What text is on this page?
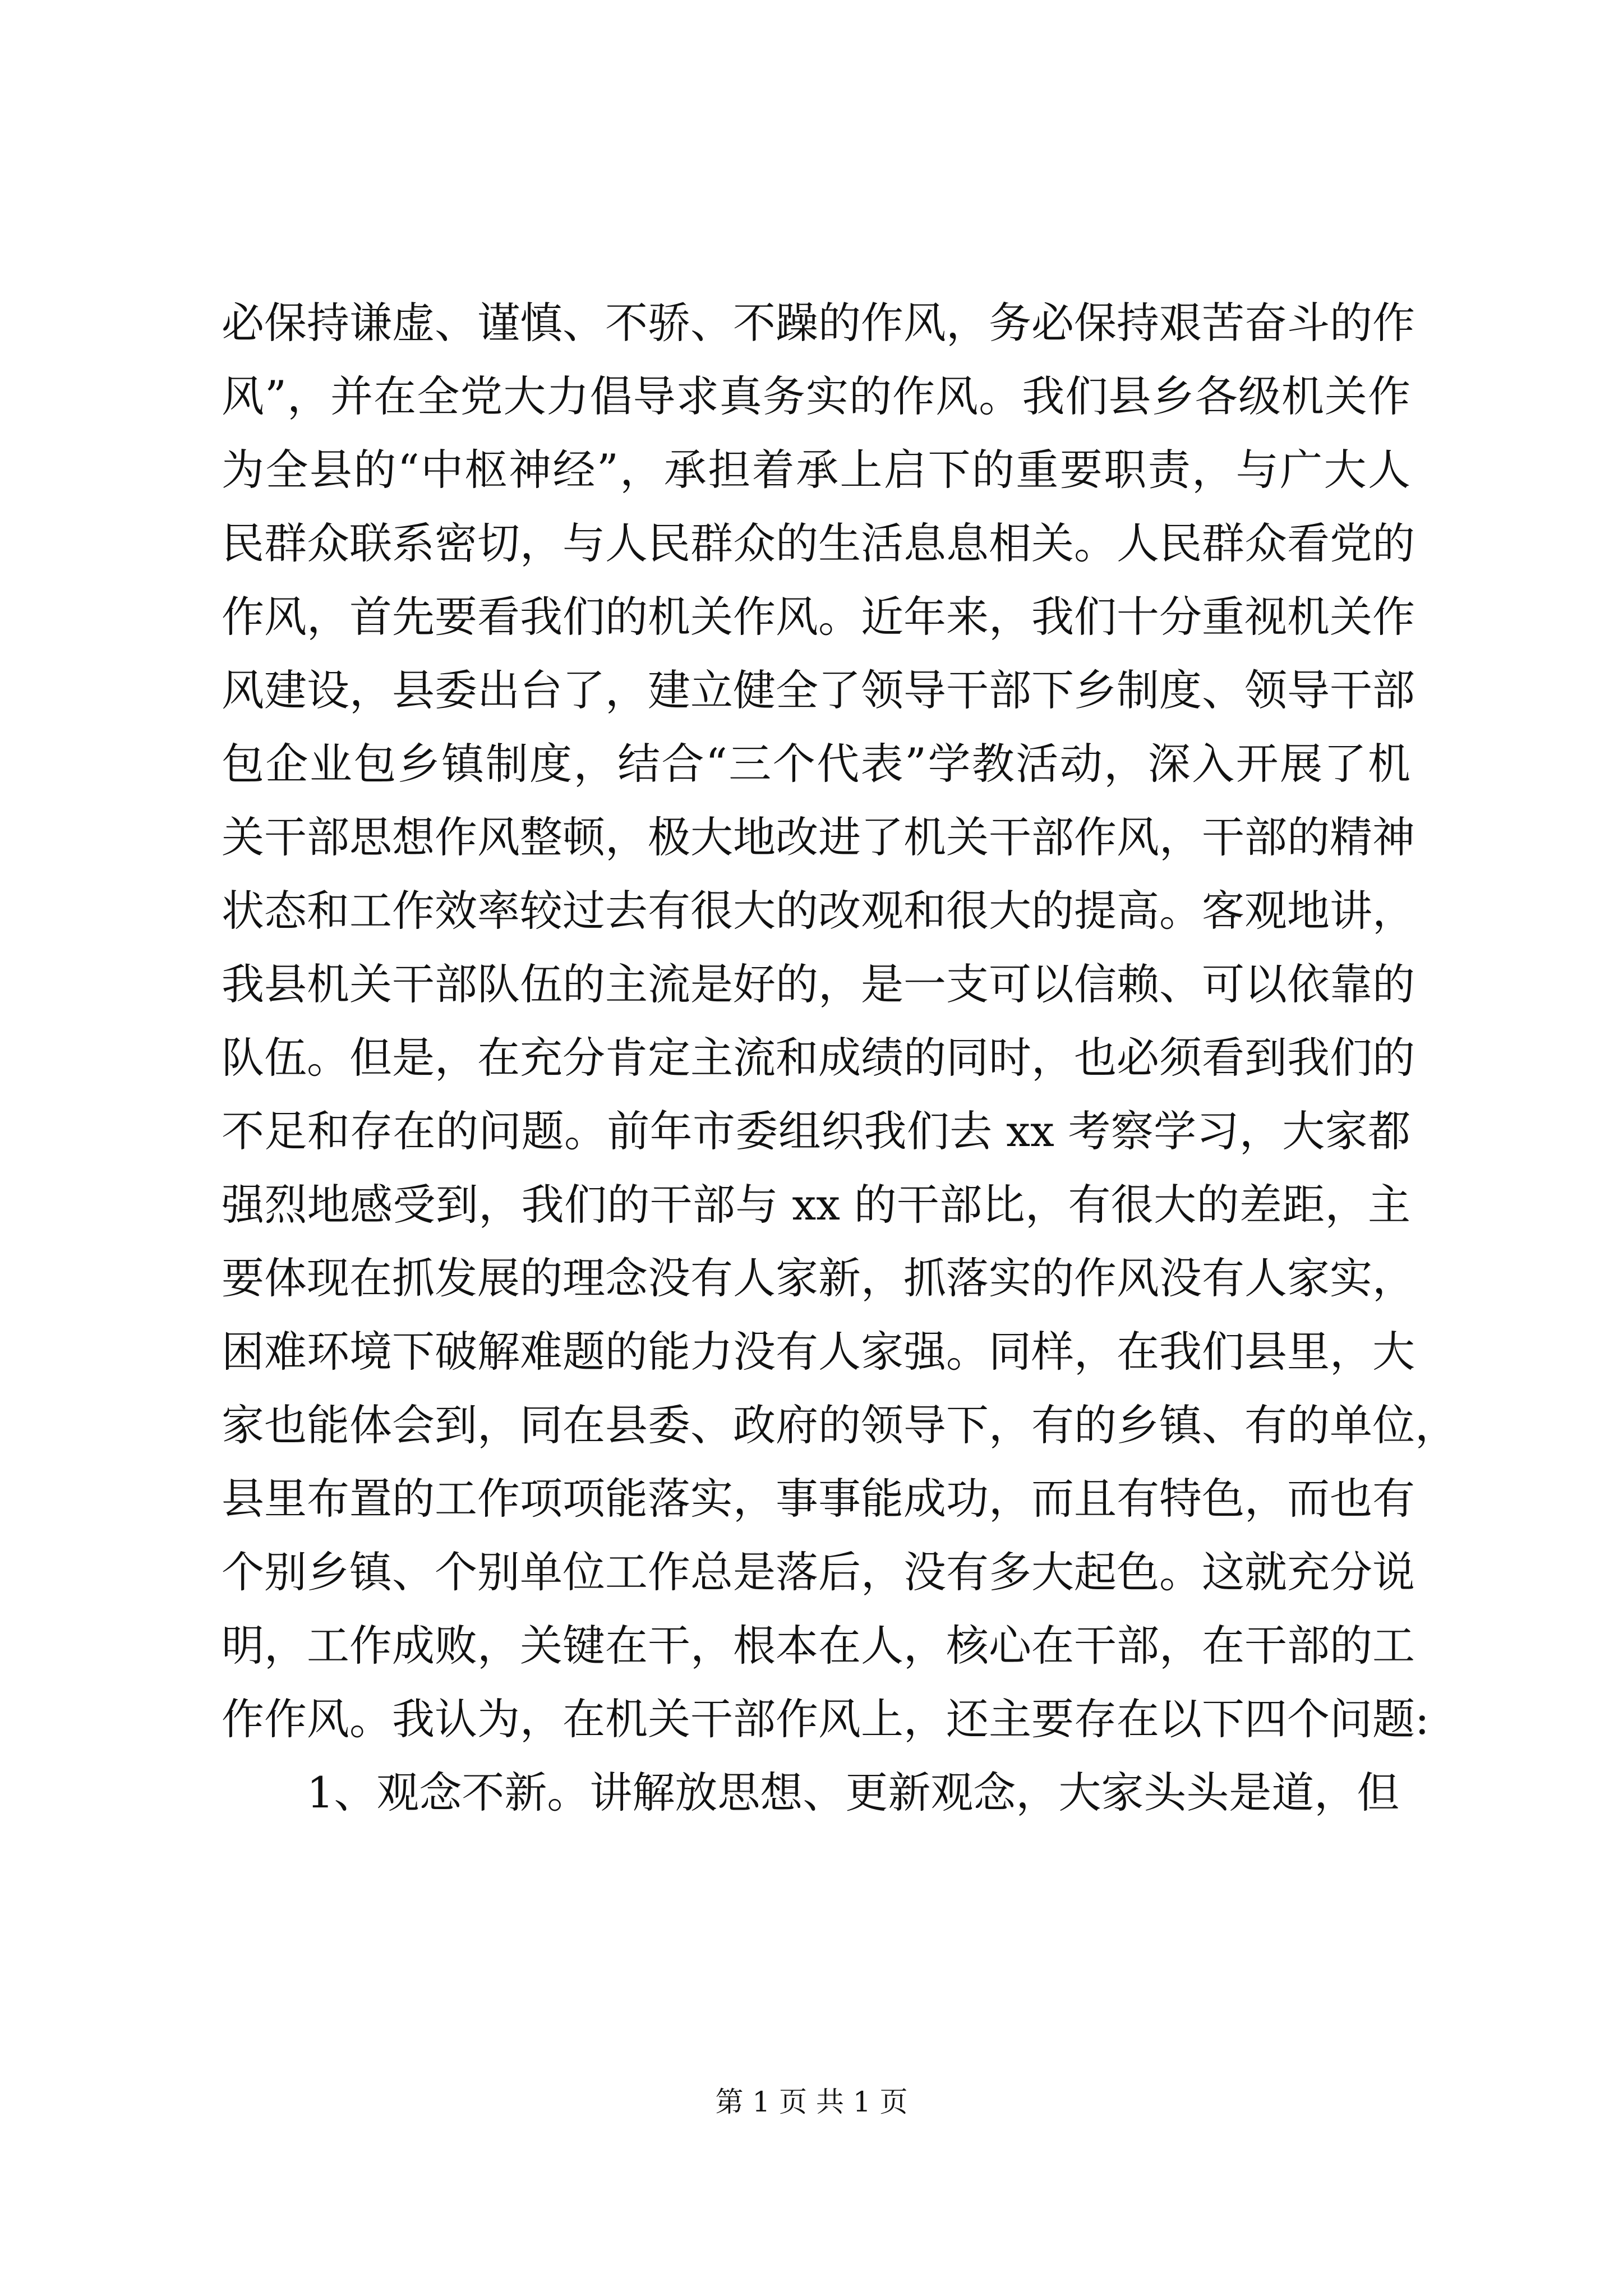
必保持谦虚、谨慎、不骄、不躁的作风，务必保持艰苦奋斗的作
风”，并在全党大力倡导求真务实的作风。我们县乡各级机关作
为全县的“中枢神经”，承担着承上启下的重要职责，与广大人
民群众联系密切，与人民群众的生活息息相关。人民群众看党的
作风，首先要看我们的机关作风。近年来，我们十分重视机关作
风建设，县委出台了，建立健全了领导干部下乡制度、领导干部
包企业包乡镇制度，结合“三个代表”学教活动，深入开展了机
关干部思想作风整顿，极大地改进了机关干部作风，干部的精神
状态和工作效率较过去有很大的改观和很大的提高。客观地讲，
我县机关干部队伍的主流是好的，是一支可以信赖、可以依靠的
队伍。但是，在充分肯定主流和成绩的同时，也必须看到我们的
不足和存在的问题。前年市委组织我们去 xx 考察学习，大家都
强烈地感受到，我们的干部与 xx 的干部比，有很大的差距，主
要体现在抓发展的理念没有人家新，抓落实的作风没有人家实，
困难环境下破解难题的能力没有人家强。同样，在我们县里，大
家也能体会到，同在县委、政府的领导下，有的乡镇、有的单位，
县里布置的工作项项能落实，事事能成功，而且有特色，而也有
个别乡镇、个别单位工作总是落后，没有多大起色。这就充分说
明，工作成败，关键在干，根本在人，核心在干部，在干部的工
作作风。我认为，在机关干部作风上，还主要存在以下四个问题:
1、观念不新。讲解放思想、更新观念，大家头头是道，但
第 1 页 共 1 页
